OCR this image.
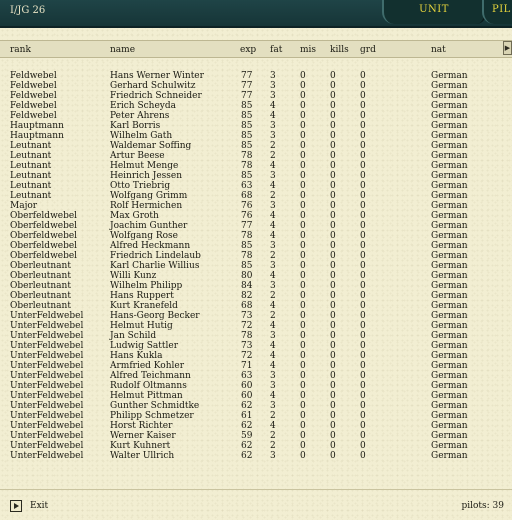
I/JG 26	UNIT	PIL
rank	name	exp fat mis kills grd	nat	▶
Feldwebel	Hans Werner Winter	77 3	0	0	0	German
Feldwebel	Gerhard Schulwitz	77 3	0	0	0	German
Feldwebel	Friedrich Schneider	77 3	0	0	0	German
Feldwebel	Erich Scheyda	85 4	0	0	0	German
Feldwebel	Peter Ahrens	85 4	0	0	0	German
Hauptmann	Karl Borris	85 3	0	0	0	German
Hauptmann	Wilhelm Gath	85 3	0	0	0	German
Leutnant	Waldemar Soffing	85 2	0	0	0	German
Leutnant	Artur Beese	78 2	0	0	0	German
Leutnant	Helmut Menge	78 4	0	0	0	German
Leutnant	Heinrich Jessen	85 3	0	0	0	German
Leutnant	Otto Triebrig	63 4	0	0	0	German
Leutnant	Wolfgang Grimm	68 2	0	0	0	German
Major	Rolf Hermichen	76 3	0	0	0	German
Oberfeldwebel	Max Groth	76 4	0	0	0	German
Oberfeldwebel	Joachim Gunther	77 4	0	0	0	German
Oberfeldwebel	Wolfgang Rose	78 4	0	0	0	German
Oberfeldwebel	Alfred Heckmann	85 3	0	0	0	German
Oberfeldwebel	Friedrich Lindelaub	78 2	0	0	0	German
Oberleutnant	Karl Charlie Willius	85 3	0	0	0	German
Oberleutnant	Willi Kunz	80 4	0	0	0	German
Oberleutnant	Wilhelm Philipp	84 3	0	0	0	German
Oberleutnant	Hans Ruppert	82 2	0	0	0	German
Oberleutnant	Kurt Kranefeld	68 4	0	0	0	German
UnterFeldwebel	Hans-Georg Becker	73 2	0	0	0	German
UnterFeldwebel	Helmut Hutig	72 4	0	0	0	German
UnterFeldwebel	Jan Schild	78 3	0	0	0	German
UnterFeldwebel	Ludwig Sattler	73 4	0	0	0	German
UnterFeldwebel	Hans Kukla	72 4	0	0	0	German
UnterFeldwebel	Armfried Kohler	71 4	0	0	0	German
UnterFeldwebel	Alfred Teichmann	63 3	0	0	0	German
UnterFeldwebel	Rudolf Oltmanns	60 3	0	0	0	German
UnterFeldwebel	Helmut Pittman	60 4	0	0	0	German
UnterFeldwebel	Gunther Schmidtke	62 3	0	0	0	German
UnterFeldwebel	Philipp Schmetzer	61 2	0	0	0	German
UnterFeldwebel	Horst Richter	62 4	0	0	0	German
UnterFeldwebel	Werner Kaiser	59 2	0	0	0	German
UnterFeldwebel	Kurt Kuhnert	62 2	0	0	0	German
UnterFeldwebel	Walter Ullrich	62 3	0	0	0	German
Exit	pilots: 39
